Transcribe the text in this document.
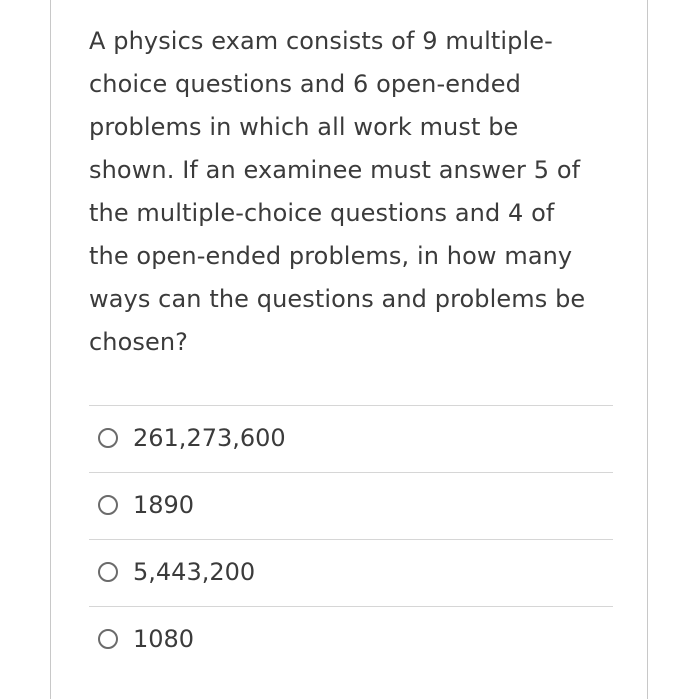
A physics exam consists of 9 multiple-
choice questions and 6 open-ended
problems in which all work must be
shown. If an examinee must answer 5 of
the multiple-choice questions and 4 of
the open-ended problems, in how many
ways can the questions and problems be
chosen?
261,273,600
1890
5,443,200
1080
